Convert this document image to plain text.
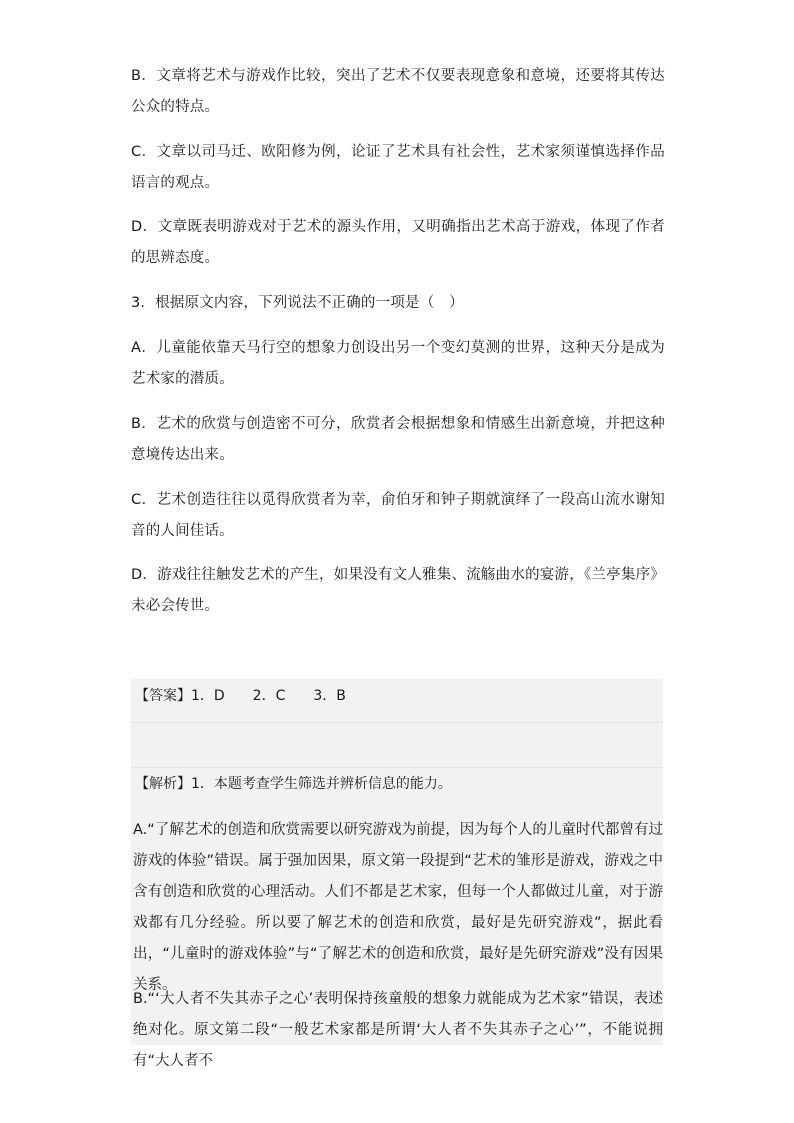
B．文章将艺术与游戏作比较，突出了艺术不仅要表现意象和意境，还要将其传达公众的特点。

C．文章以司马迁、欧阳修为例，论证了艺术具有社会性，艺术家须谨慎选择作品语言的观点。

D．文章既表明游戏对于艺术的源头作用，又明确指出艺术高于游戏，体现了作者的思辨态度。

3．根据原文内容，下列说法不正确的一项是（　）

A．儿童能依靠天马行空的想象力创设出另一个变幻莫测的世界，这种天分是成为艺术家的潜质。

B．艺术的欣赏与创造密不可分，欣赏者会根据想象和情感生出新意境，并把这种意境传达出来。

C．艺术创造往往以觅得欣赏者为幸，俞伯牙和钟子期就演绎了一段高山流水谢知音的人间佳话。

D．游戏往往触发艺术的产生，如果没有文人雅集、流觞曲水的宴游，《兰亭集序》未必会传世。

【答案】1．D　　2．C　　3．B
【解析】1．本题考查学生筛选并辨析信息的能力。

A.“了解艺术的创造和欣赏需要以研究游戏为前提，因为每个人的儿童时代都曾有过游戏的体验”错误。属于强加因果，原文第一段提到“艺术的雏形是游戏，游戏之中含有创造和欣赏的心理活动。人们不都是艺术家，但每一个人都做过儿童，对于游戏都有几分经验。所以要了解艺术的创造和欣赏，最好是先研究游戏”，据此看出，“儿童时的游戏体验”与“了解艺术的创造和欣赏，最好是先研究游戏”没有因果关系。

B.“‘大人者不失其赤子之心’表明保持孩童般的想象力就能成为艺术家”错误，表述绝对化。原文第二段“一般艺术家都是所谓‘大人者不失其赤子之心’”，不能说拥有“大人者不
